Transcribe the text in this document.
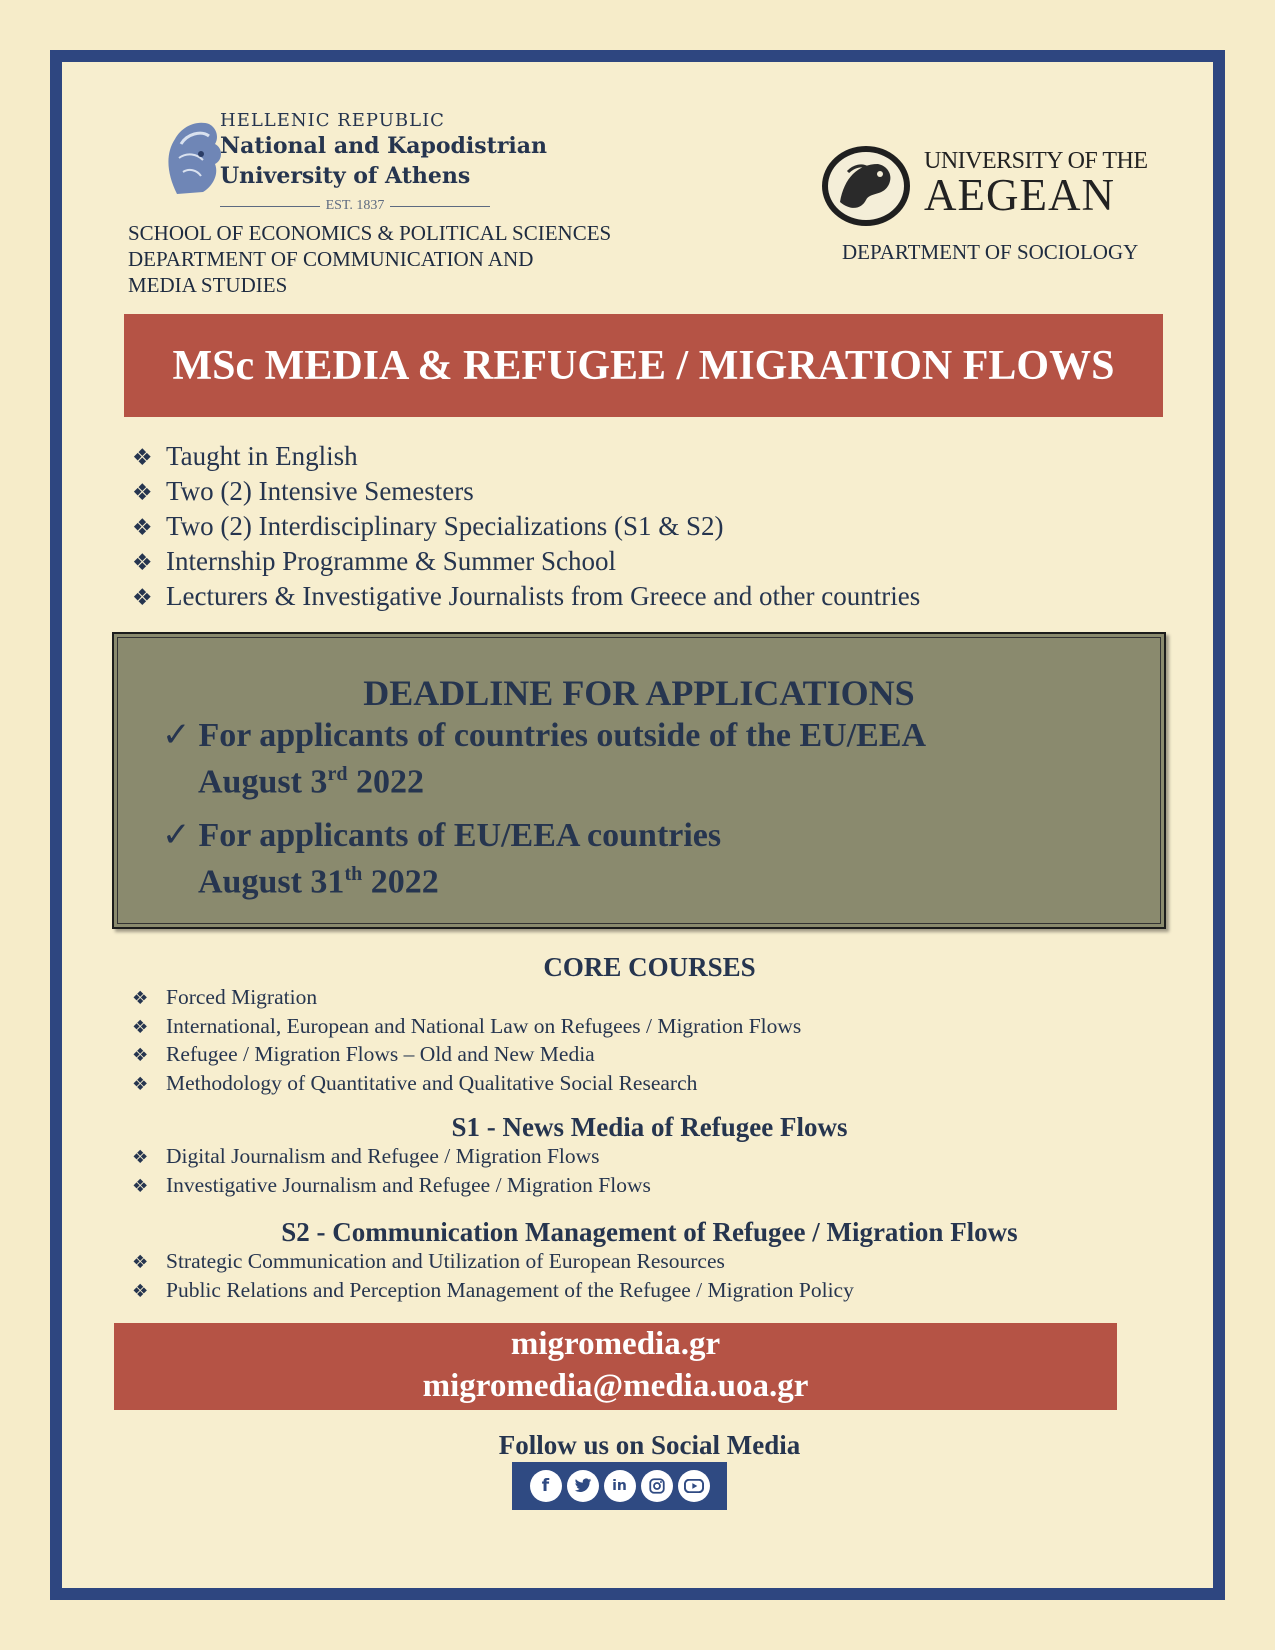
HELLENIC REPUBLIC
National and Kapodistrian
University of Athens
EST. 1837
SCHOOL OF ECONOMICS & POLITICAL SCIENCES
DEPARTMENT OF COMMUNICATION AND
MEDIA STUDIES
UNIVERSITY OF THE
AEGEAN
DEPARTMENT OF SOCIOLOGY
MSc MEDIA & REFUGEE / MIGRATION FLOWS
❖ Taught in English
❖ Two (2) Intensive Semesters
❖ Two (2) Interdisciplinary Specializations (S1 & S2)
❖ Internship Programme & Summer School
❖ Lecturers & Investigative Journalists from Greece and other countries
DEADLINE FOR APPLICATIONS
✓ For applicants of countries outside of the EU/EEA
August 3rd 2022
✓ For applicants of EU/EEA countries
August 31th 2022
CORE COURSES
❖ Forced Migration
❖ International, European and National Law on Refugees / Migration Flows
❖ Refugee / Migration Flows – Old and New Media
❖ Methodology of Quantitative and Qualitative Social Research
S1 - News Media of Refugee Flows
❖ Digital Journalism and Refugee / Migration Flows
❖ Investigative Journalism and Refugee / Migration Flows
S2 - Communication Management of Refugee / Migration Flows
❖ Strategic Communication and Utilization of European Resources
❖ Public Relations and Perception Management of the Refugee / Migration Policy
migromedia.gr
migromedia@media.uoa.gr
Follow us on Social Media
f	in
